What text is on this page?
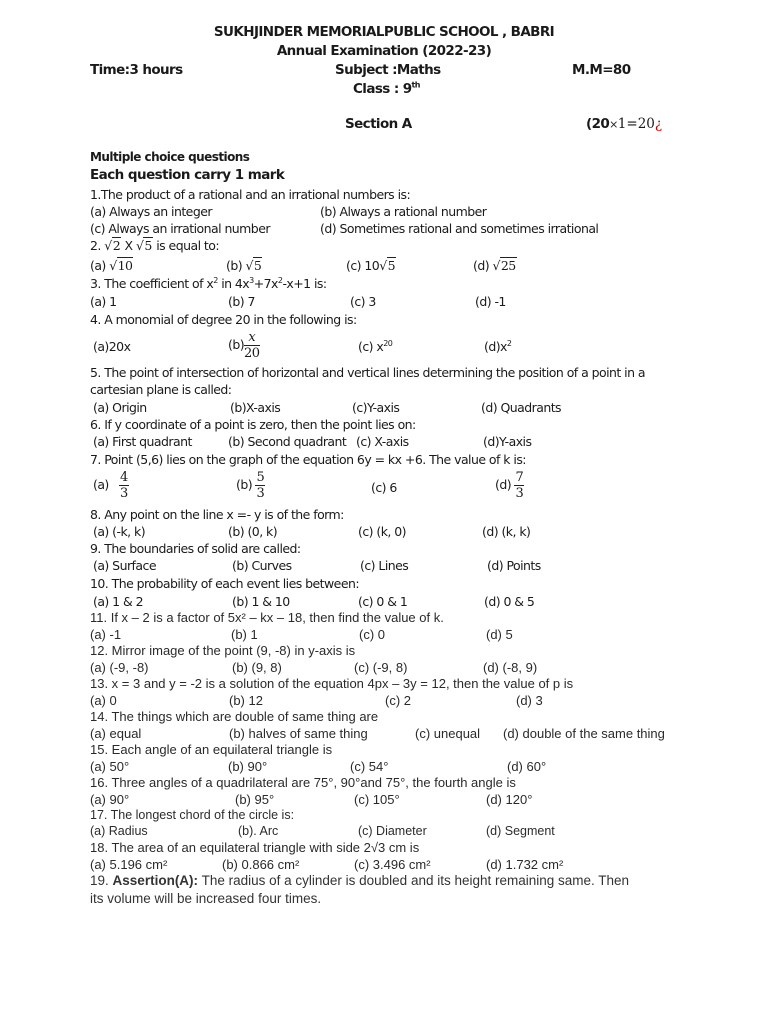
SUKHJINDER MEMORIALPUBLIC SCHOOL , BABRI
Annual Examination (2022-23)
Time:3 hours	Subject :Maths	M.M=80
Class : 9th
Section A	(20×1=20¿
Multiple choice questions
Each question carry 1 mark
1.The product of a rational and an irrational numbers is:
(a) Always an integer	(b) Always a rational number
(c) Always an irrational number	(d) Sometimes rational and sometimes irrational
2. √2 X √5 is equal to:
(a) √10	(b) √5	(c) 10√5	(d) √25
3. The coefficient of $x^2$ in $4x^3+7x^2-x+1$ is:
(a) 1	(b) 7	(c) 3	(d) -1
4. A monomial of degree 20 in the following is:
(a)20x	$(b) \frac{x}{20}$	(c) $x^{20}$	$(d)x^2$
5. The point of intersection of horizontal and vertical lines determining the position of a point in a
cartesian plane is called:
(a) Origin	(b)X-axis	(c)Y-axis	(d) Quadrants
6. If y coordinate of a point is zero, then the point lies on:
(a) First quadrant	(b) Second quadrant (c) X-axis	(d)Y-axis
7. Point (5,6) lies on the graph of the equation 6y = kx +6. The value of k is:
$(a) \frac{4}{3}$	$(b) \frac{5}{3}$	(c) 6	$(d) \frac{7}{3}$
8. Any point on the line x =- y is of the form:
(a) (-k, k)	(b) (0, k)	(c) (k, 0)	(d) (k, k)
9. The boundaries of solid are called:
(a) Surface	(b) Curves	(c) Lines	(d) Points
10. The probability of each event lies between:
(a) 1 & 2	(b) 1 & 10	(c) 0 & 1	(d) 0 & 5
11. If x – 2 is a factor of 5x² – kx – 18, then find the value of k.
(a) -1	(b) 1	(c) 0	(d) 5
12. Mirror image of the point (9, -8) in y-axis is
(a) (-9, -8)	(b) (9, 8)	(c) (-9, 8)	(d) (-8, 9)
13. x = 3 and y = -2 is a solution of the equation 4px – 3y = 12, then the value of p is
(a) 0	(b) 12	(c) 2	(d) 3
14. The things which are double of same thing are
(a) equal	(b) halves of same thing	(c) unequal (d) double of the same thing
15. Each angle of an equilateral triangle is
(a) 50°	(b) 90°	(c) 54°	(d) 60°
16. Three angles of a quadrilateral are 75°, 90°and 75°, the fourth angle is
(a) 90°	(b) 95°	(c) 105°	(d) 120°
17. The longest chord of the circle is:
(a) Radius	(b). Arc	(c) Diameter	(d) Segment
18. The area of an equilateral triangle with side 2√3 cm is
(a) 5.196 cm²	(b) 0.866 cm²	(c) 3.496 cm²	(d) 1.732 cm²
19. Assertion(A): The radius of a cylinder is doubled and its height remaining same. Then
its volume will be increased four times.
